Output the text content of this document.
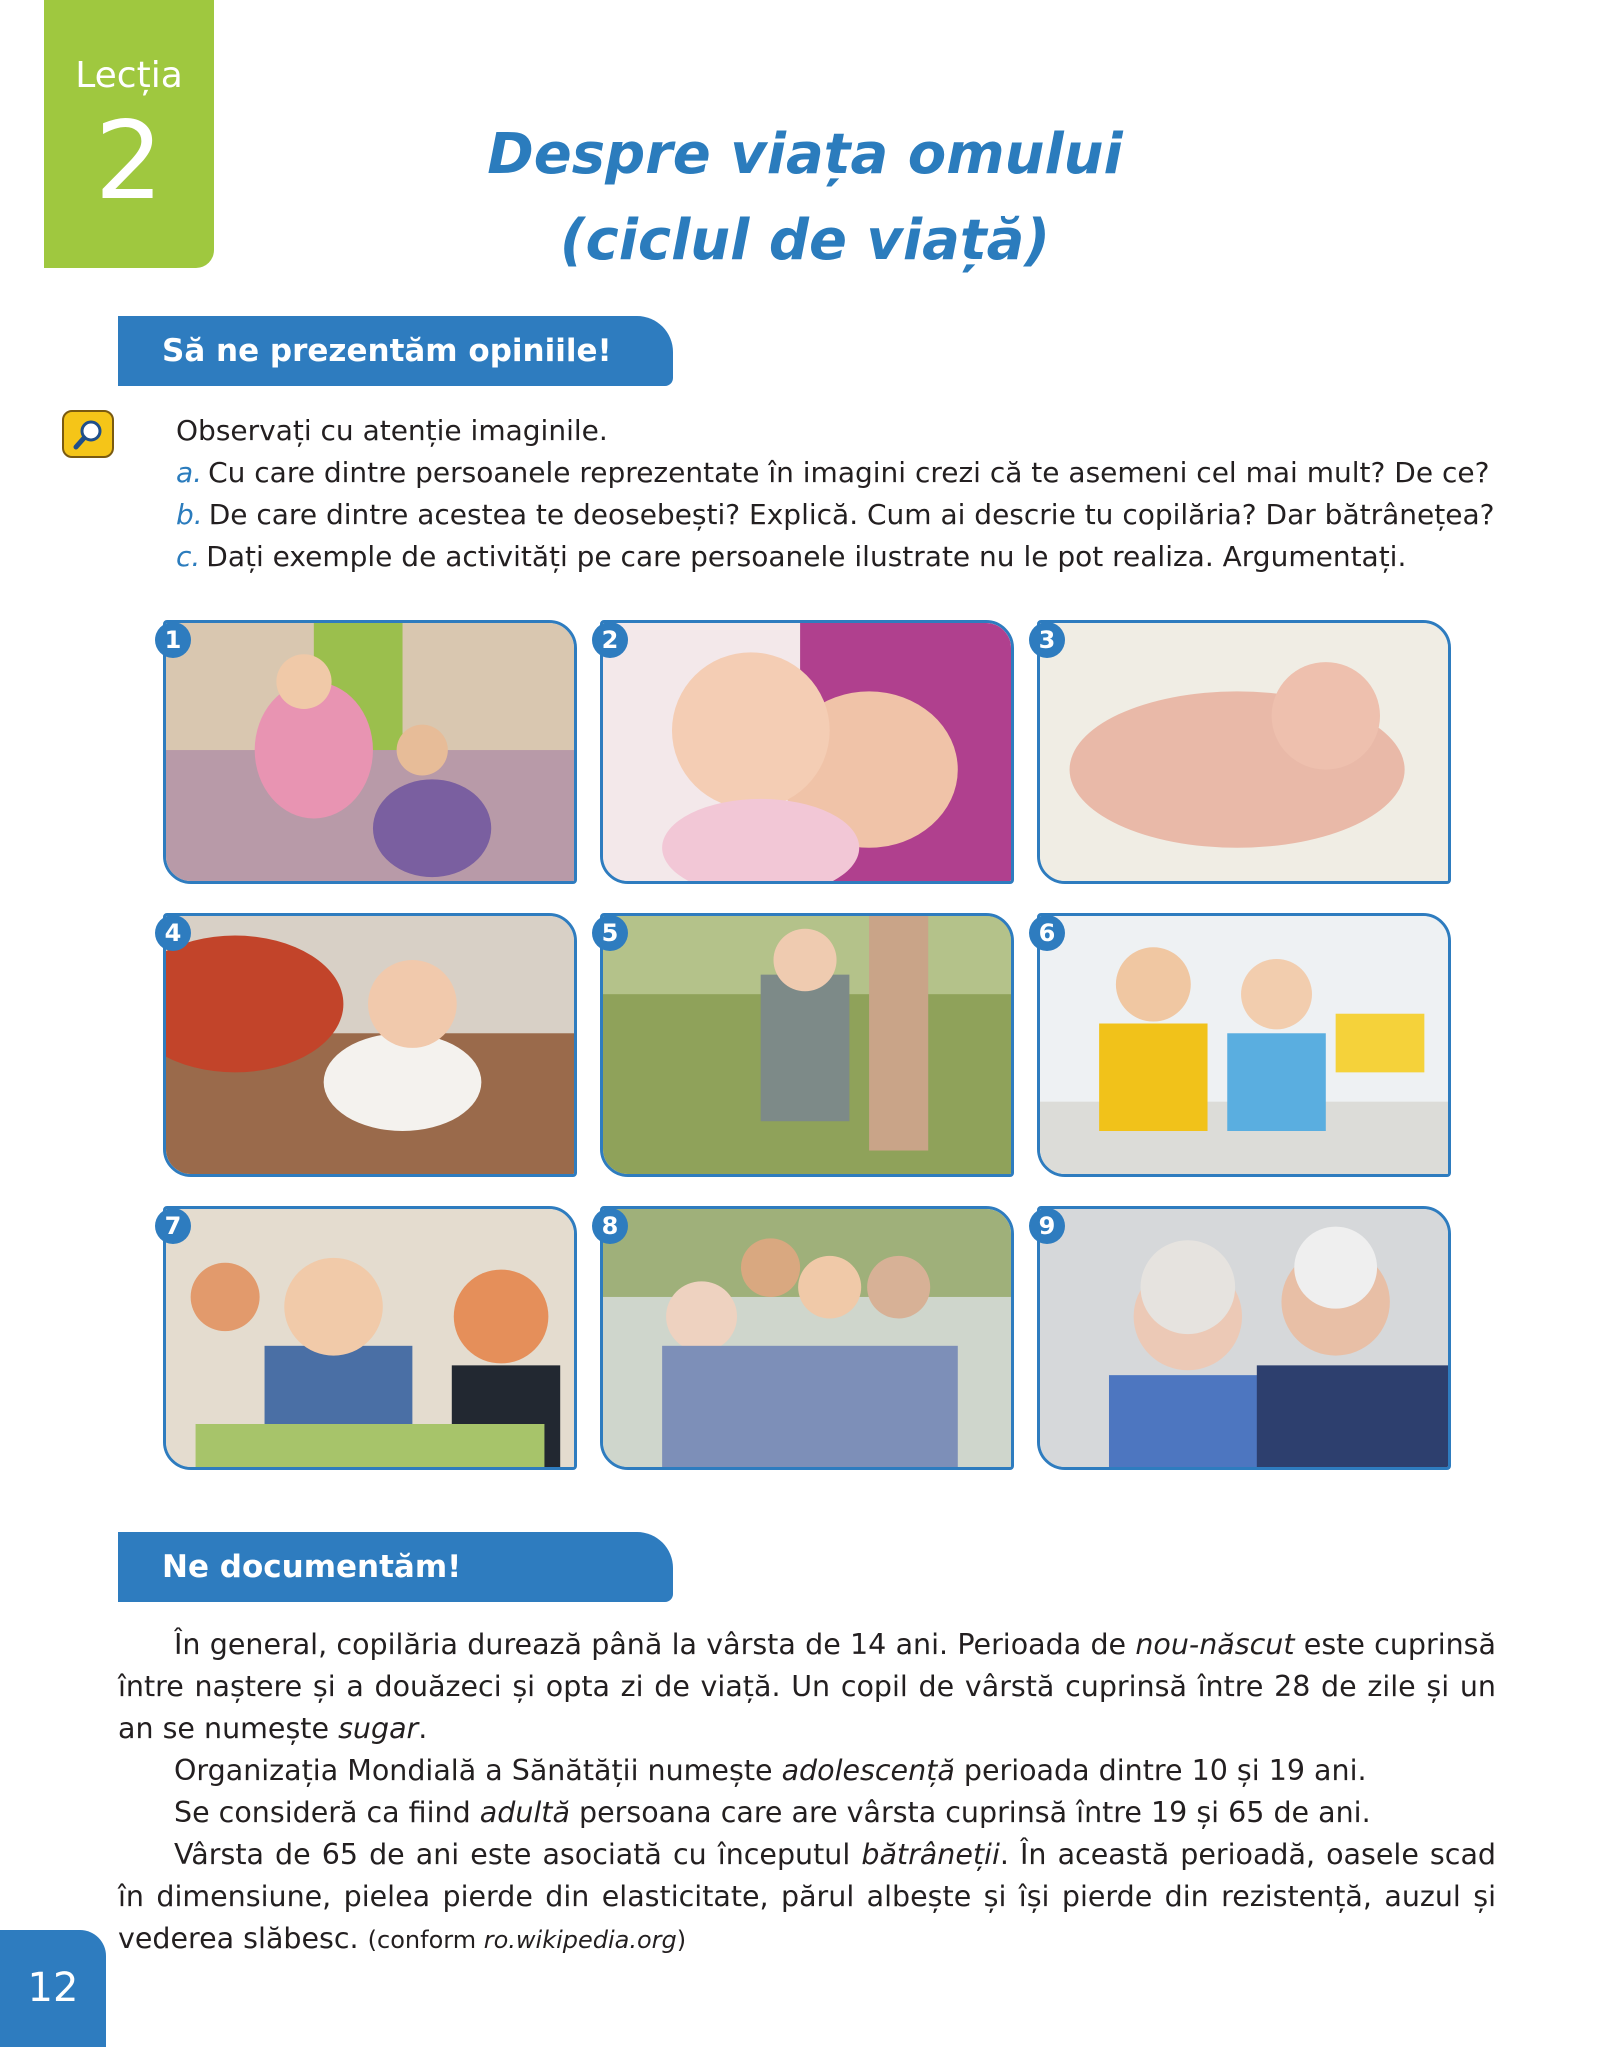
Lecția
2	Despre viața omului
(ciclul de viață)
Să ne prezentăm opiniile!
Observați cu atenție imaginile.
a. Cu care dintre persoanele reprezentate în imagini crezi că te asemeni cel mai mult? De ce?
b. De care dintre acestea te deosebești? Explică. Cum ai descrie tu copilăria? Dar bătrânețea?
c. Dați exemple de activități pe care persoanele ilustrate nu le pot realiza. Argumentați.
1	2	3
4	5	6
7	8	9
Ne documentăm!

În general, copilăria durează până la vârsta de 14 ani. Perioada de nou-născut este cuprinsă între naștere și a douăzeci și opta zi de viață. Un copil de vârstă cuprinsă între 28 de zile și un an se numește sugar.

Organizația Mondială a Sănătății numește adolescență perioada dintre 10 și 19 ani.

Se consideră ca fiind adultă persoana care are vârsta cuprinsă între 19 și 65 de ani.

Vârsta de 65 de ani este asociată cu începutul bătrâneții. În această perioadă, oasele scad în dimensiune, pielea pierde din elasticitate, părul albește și își pierde din rezistență, auzul și vederea slăbesc. (conform ro.wikipedia.org)

12
